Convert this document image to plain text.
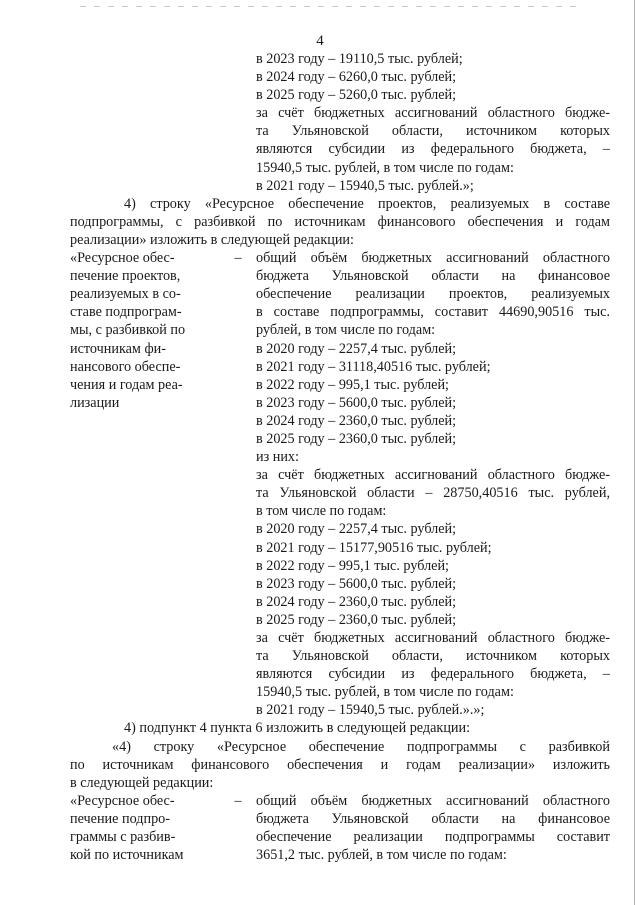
4
в 2023 году – 19110,5 тыс. рублей;
в 2024 году – 6260,0 тыс. рублей;
в 2025 году – 5260,0 тыс. рублей;
за счёт бюджетных ассигнований областного бюдже-
та Ульяновской области, источником которых
являются субсидии из федерального бюджета, –
15940,5 тыс. рублей, в том числе по годам:
в 2021 году – 15940,5 тыс. рублей.»;
4) строку «Ресурсное обеспечение проектов, реализуемых в составе
подпрограммы, с разбивкой по источникам финансового обеспечения и годам
реализации» изложить в следующей редакции:
«Ресурсное обес-
печение проектов,
реализуемых в со-
ставе подпрограм-
мы, с разбивкой по
источникам фи-
нансового обеспе-
чения и годам реа-
лизации
–	общий объём бюджетных ассигнований областного
бюджета Ульяновской области на финансовое
обеспечение реализации проектов, реализуемых
в составе подпрограммы, составит 44690,90516 тыс.
рублей, в том числе по годам:
в 2020 году – 2257,4 тыс. рублей;
в 2021 году – 31118,40516 тыс. рублей;
в 2022 году – 995,1 тыс. рублей;
в 2023 году – 5600,0 тыс. рублей;
в 2024 году – 2360,0 тыс. рублей;
в 2025 году – 2360,0 тыс. рублей;
из них:
за счёт бюджетных ассигнований областного бюдже-
та Ульяновской области – 28750,40516 тыс. рублей,
в том числе по годам:
в 2020 году – 2257,4 тыс. рублей;
в 2021 году – 15177,90516 тыс. рублей;
в 2022 году – 995,1 тыс. рублей;
в 2023 году – 5600,0 тыс. рублей;
в 2024 году – 2360,0 тыс. рублей;
в 2025 году – 2360,0 тыс. рублей;
за счёт бюджетных ассигнований областного бюдже-
та Ульяновской области, источником которых
являются субсидии из федерального бюджета, –
15940,5 тыс. рублей, в том числе по годам:
в 2021 году – 15940,5 тыс. рублей.».»;
4) подпункт 4 пункта 6 изложить в следующей редакции:
«4) строку «Ресурсное обеспечение подпрограммы с разбивкой
по источникам финансового обеспечения и годам реализации» изложить
в следующей редакции:
«Ресурсное обес-
печение подпро-
граммы с разбив-
кой по источникам
–	общий объём бюджетных ассигнований областного
бюджета Ульяновской области на финансовое
обеспечение реализации подпрограммы составит
3651,2 тыс. рублей, в том числе по годам:
